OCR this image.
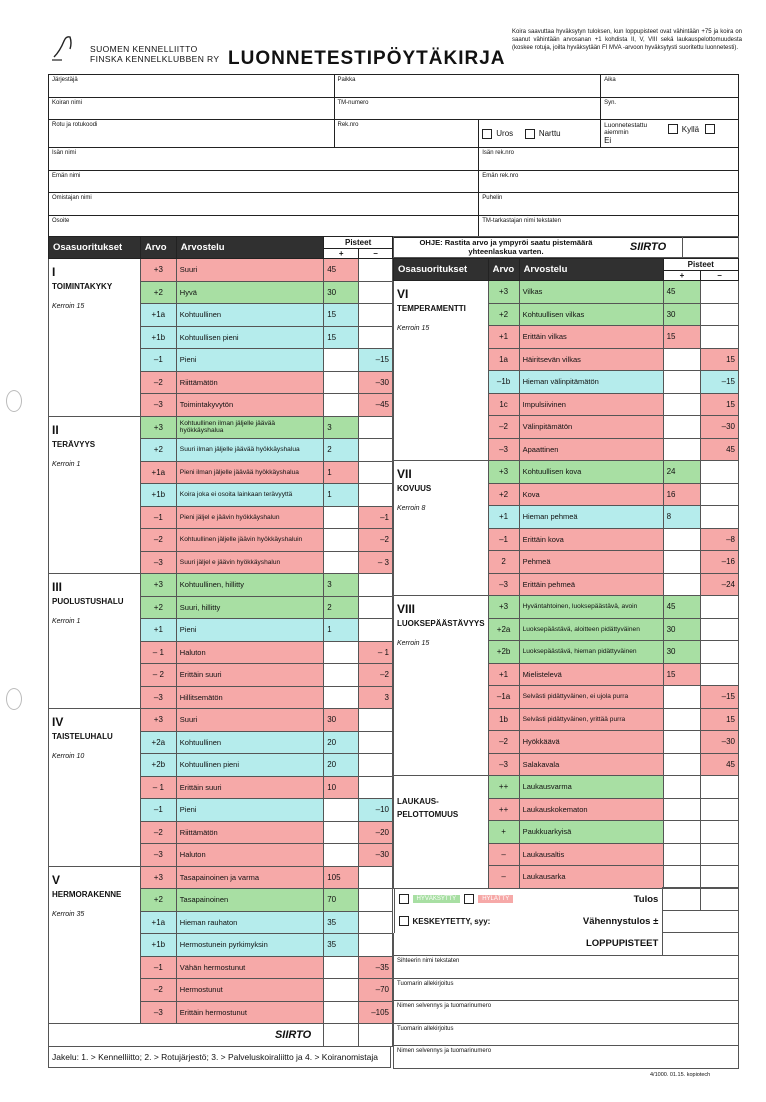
SUOMEN KENNELLIITTO
FINSKA KENNELKLUBBEN RY LUONNETESTIPÖYTÄKIRJA
Koira saavuttaa hyväksytyn tuloksen, kun loppupisteet ovat vähintään +75 ja koira on saanut vähintään arvosanan +1 kohdista II, V, VIII sekä laukauspelottomuudesta (koskee rotuja, joilta hyväksytään FI MVA -arvoon hyväksytysti suoritettu luonnetesti).
Järjestäjä	Paikka		Aika
Koiran nimi	TM-numero		Syn.
Rotu ja rotukoodi	Rek.nro	Uros Narttu	Luonnetestattu aiemmin Kyllä Ei
Isän nimi		Isän rek.nro	
Emän nimi		Emän rek.nro	
Omistajan nimi		Puhelin	
Osoite		TM-tarkastajan nimi tekstaten	
Osasuoritukset	Arvo	Arvostelu	Pisteet	
			+	–

I
TOIMINTAKYKY
Kerroin 15	+3	Suuri	45	
	+2	Hyvä	30	
	+1a	Kohtuullinen	15	
	+1b	Kohtuullisen pieni	15	
	–1	Pieni		–15
	–2	Riittämätön		–30
	–3	Toimintakyvytön		–45

II
TERÄVYYS
Kerroin 1	+3	Kohtuullinen ilman jäljelle jäävää hyökkäyshalua	3	
	+2	Suuri ilman jäljelle jäävää hyökkäyshalua	2	
	+1a	Pieni ilman jäljelle jäävää hyökkäyshalua	1	
	+1b	Koira joka ei osoita lainkaan terävyyttä	1	
	–1	Pieni jäljel e jäävin hyökkäyshalun		–1
	–2	Kohtuullinen jäljelle jäävin hyökkäyshaluin		–2
	–3	Suuri jäljel e jäävin hyökkäyshalun		– 3

III
PUOLUSTUSHALU
Kerroin 1	+3	Kohtuullinen, hillitty	3	
	+2	Suuri, hillitty	2	
	+1	Pieni	1	
	– 1	Haluton		– 1
	– 2	Erittäin suuri		–2
	–3	Hillitsemätön		3

IV
TAISTELUHALU
Kerroin 10	+3	Suuri	30	
	+2a	Kohtuullinen	20	
	+2b	Kohtuullinen pieni	20	
	– 1	Erittäin suuri	10	
	–1	Pieni		–10
	–2	Riittämätön		–20
	–3	Haluton		–30

V
HERMORAKENNE
Kerroin 35	+3	Tasapainoinen ja varma	105	
	+2	Tasapainoinen	70	
	+1a	Hieman rauhaton	35	
	+1b	Hermostunein pyrkimyksin	35	
	–1	Vähän hermostunut		–35
	–2	Hermostunut		–70
	–3	Erittäin hermostunut		–105
SIIRTO				
OHJE: Rastita arvo ja ympyröi saatu pistemäärä yhteenlaskua varten.	SIIRTO
Osasuoritukset	Arvo	Arvostelu	Pisteet	
			+	–

VI
TEMPERAMENTTI
Kerroin 15	+3	Vilkas	45	
	+2	Kohtuullisen vilkas	30	
	+1	Erittäin vilkas	15	
	1a	Häiritsevän vilkas		15
	–1b	Hieman välinpitämätön		–15
	1c	Impulsiivinen		15
	–2	Välinpitämätön		–30
	–3	Apaattinen		45

VII
KOVUUS
Kerroin 8	+3	Kohtuullisen kova	24	
	+2	Kova	16	
	+1	Hieman pehmeä	8	
	–1	Erittäin kova		–8
	2	Pehmeä		–16
	–3	Erittäin pehmeä		–24

VIII
LUOKSEPÄÄSTÄVYYS
Kerroin 15	+3	Hyväntahtoinen, luoksepäästävä, avoin	45	
	+2a	Luoksepäästävä, aloitteen pidättyväinen	30	
	+2b	Luoksepäästävä, hieman pidättyväinen	30	
	+1	Mielistelevä	15	
	–1a	Selvästi pidättyväinen, ei ujola purra		–15
	1b	Selvästi pidättyväinen, yrittää purra		15
	–2	Hyökkäävä		–30
	–3	Salakavala		45

LAUKAUS-PELOTTOMUUS	++	Laukausvarma		
	++	Laukauskokematon		
	+	Paukkuarkyisä		
	–	Laukausaltis		
	–	Laukausarka		
HYVÄKSYTTY	HYLÄTTY	Tulos

KESKEYTETTY, syy:	Vähennystulos ±

LOPPUPISTEET		
Sihteerin nimi tekstaten
Tuomarin allekirjoitus
Nimen selvennys ja tuomarinumero
Tuomarin allekirjoitus
Nimen selvennys ja tuomarinumero
Jakelu: 1. > Kennelliitto; 2. > Rotujärjestö; 3. > Palveluskoiraliitto ja 4. > Koiranomistaja
4/1000. 01.15. kopiotech
